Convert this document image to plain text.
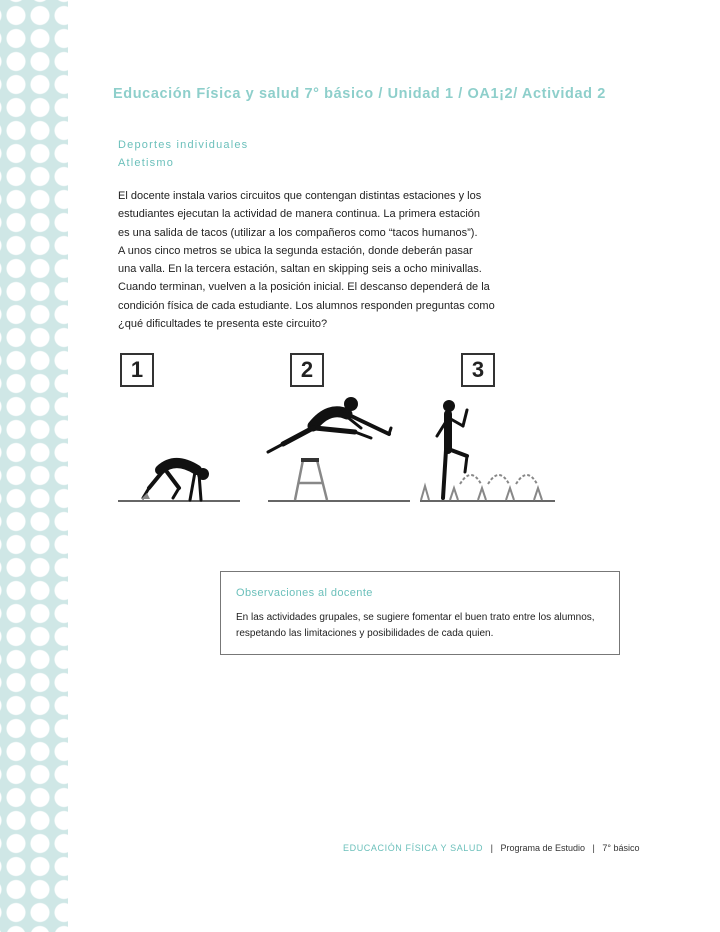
Educación Física y salud 7° básico / Unidad 1 / OA1¡2/ Actividad 2
Deportes individuales
Atletismo
El docente instala varios circuitos que contengan distintas estaciones y los
estudiantes ejecutan la actividad de manera continua. La primera estación
es una salida de tacos (utilizar a los compañeros como “tacos humanos”).
A unos cinco metros se ubica la segunda estación, donde deberán pasar
una valla. En la tercera estación, saltan en skipping seis a ocho minivallas.
Cuando terminan, vuelven a la posición inicial. El descanso dependerá de la
condición física de cada estudiante. Los alumnos responden preguntas como
¿qué dificultades te presenta este circuito?
1	2	3
Observaciones al docente
En las actividades grupales, se sugiere fomentar el buen trato entre los alumnos,
respetando las limitaciones y posibilidades de cada quien.
EDUCACIÓN FÍSICA Y SALUD | Programa de Estudio | 7° básico
